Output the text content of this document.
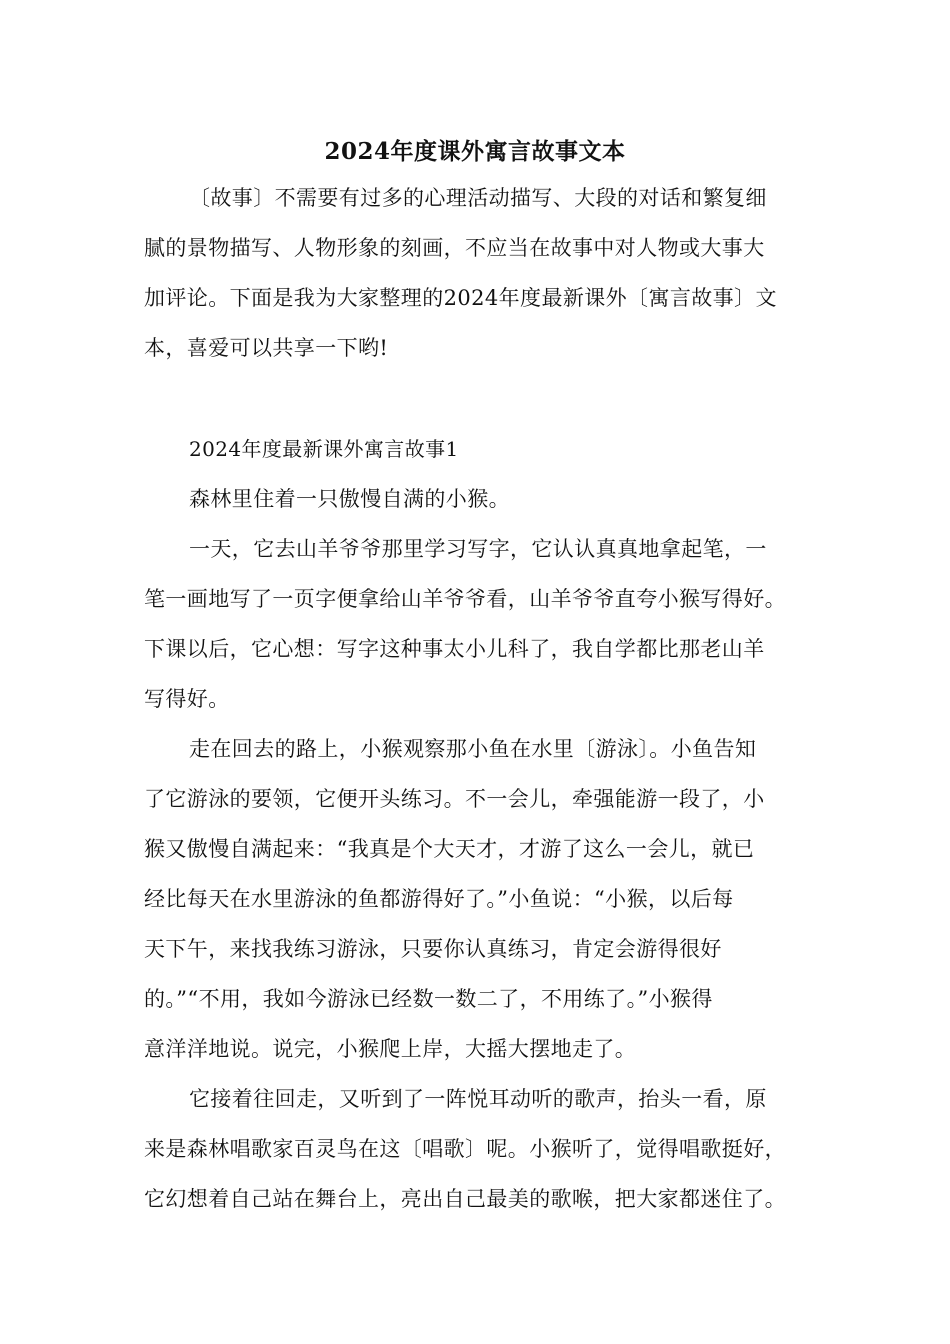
2024年度课外寓言故事文本
〔故事〕不需要有过多的心理活动描写、大段的对话和繁复细
腻的景物描写、人物形象的刻画，不应当在故事中对人物或大事大
加评论。下面是我为大家整理的2024年度最新课外〔寓言故事〕文
本，喜爱可以共享一下哟!
2024年度最新课外寓言故事1
森林里住着一只傲慢自满的小猴。
一天，它去山羊爷爷那里学习写字，它认认真真地拿起笔，一
笔一画地写了一页字便拿给山羊爷爷看，山羊爷爷直夸小猴写得好。
下课以后，它心想：写字这种事太小儿科了，我自学都比那老山羊
写得好。
走在回去的路上，小猴观察那小鱼在水里〔游泳〕。小鱼告知
了它游泳的要领，它便开头练习。不一会儿，牵强能游一段了，小
猴又傲慢自满起来：“我真是个大天才，才游了这么一会儿，就已
经比每天在水里游泳的鱼都游得好了。”小鱼说：“小猴，以后每
天下午，来找我练习游泳，只要你认真练习，肯定会游得很好
的。”“不用，我如今游泳已经数一数二了，不用练了。”小猴得
意洋洋地说。说完，小猴爬上岸，大摇大摆地走了。
它接着往回走，又听到了一阵悦耳动听的歌声，抬头一看，原
来是森林唱歌家百灵鸟在这〔唱歌〕呢。小猴听了，觉得唱歌挺好，
它幻想着自己站在舞台上，亮出自己最美的歌喉，把大家都迷住了。
